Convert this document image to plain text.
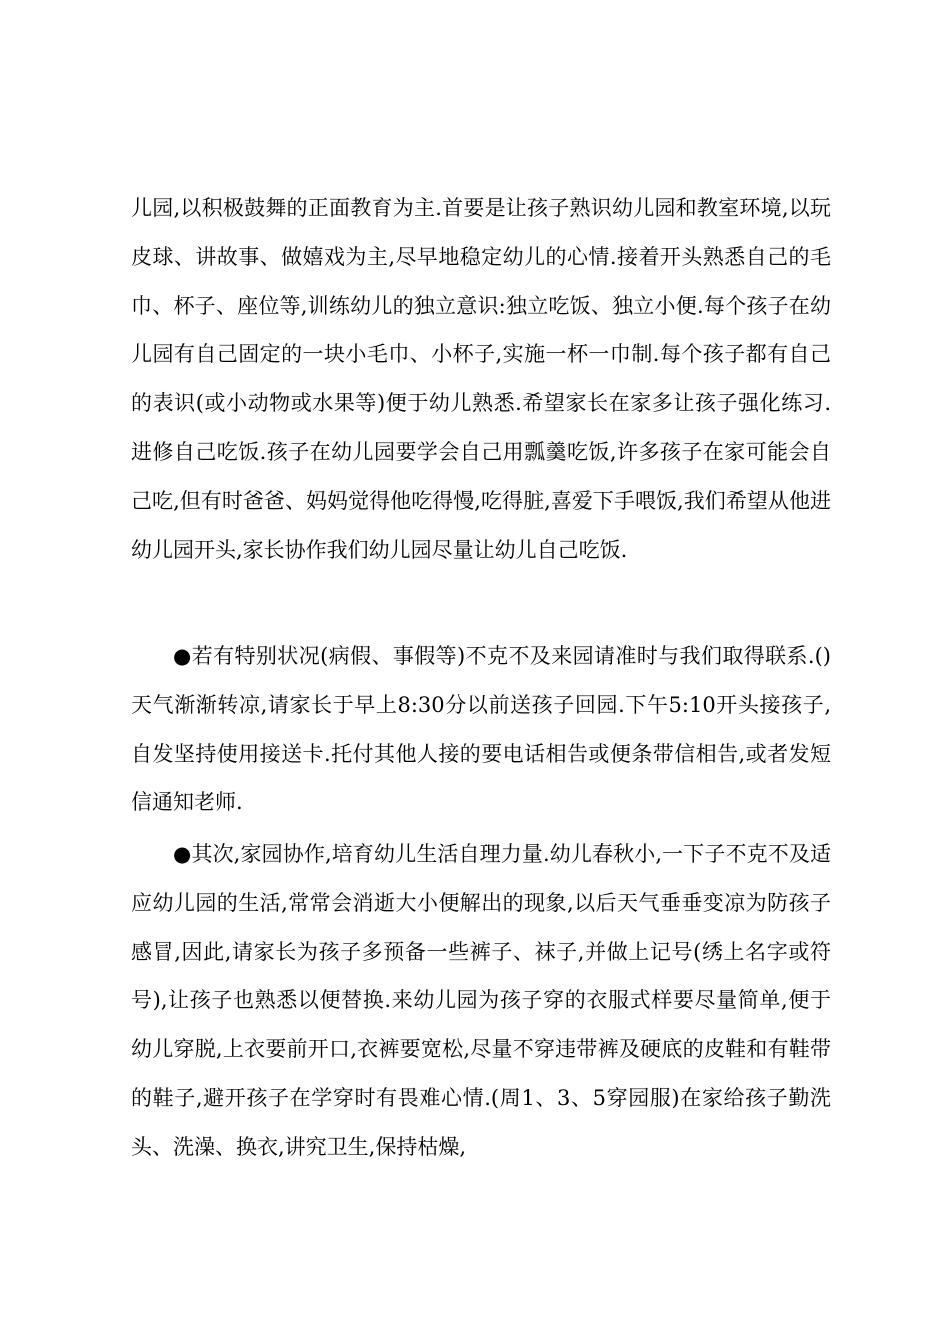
儿园,以积极鼓舞的正面教育为主.首要是让孩子熟识幼儿园和教室环境,以玩皮球、讲故事、做嬉戏为主,尽早地稳定幼儿的心情.接着开头熟悉自己的毛巾、杯子、座位等,训练幼儿的独立意识:独立吃饭、独立小便.每个孩子在幼儿园有自己固定的一块小毛巾、小杯子,实施一杯一巾制.每个孩子都有自己的表识(或小动物或水果等)便于幼儿熟悉.希望家长在家多让孩子强化练习.进修自己吃饭.孩子在幼儿园要学会自己用瓢羹吃饭,许多孩子在家可能会自己吃,但有时爸爸、妈妈觉得他吃得慢,吃得脏,喜爱下手喂饭,我们希望从他进幼儿园开头,家长协作我们幼儿园尽量让幼儿自己吃饭.

●若有特别状况(病假、事假等)不克不及来园请准时与我们取得联系.()天气渐渐转凉,请家长于早上8:30分以前送孩子回园.下午5:10开头接孩子,自发坚持使用接送卡.托付其他人接的要电话相告或便条带信相告,或者发短信通知老师.

●其次,家园协作,培育幼儿生活自理力量.幼儿春秋小,一下子不克不及适应幼儿园的生活,常常会消逝大小便解出的现象,以后天气垂垂变凉为防孩子感冒,因此,请家长为孩子多预备一些裤子、袜子,并做上记号(绣上名字或符号),让孩子也熟悉以便替换.来幼儿园为孩子穿的衣服式样要尽量简单,便于幼儿穿脱,上衣要前开口,衣裤要宽松,尽量不穿违带裤及硬底的皮鞋和有鞋带的鞋子,避开孩子在学穿时有畏难心情.(周1、3、5穿园服)在家给孩子勤洗头、洗澡、换衣,讲究卫生,保持枯燥,
